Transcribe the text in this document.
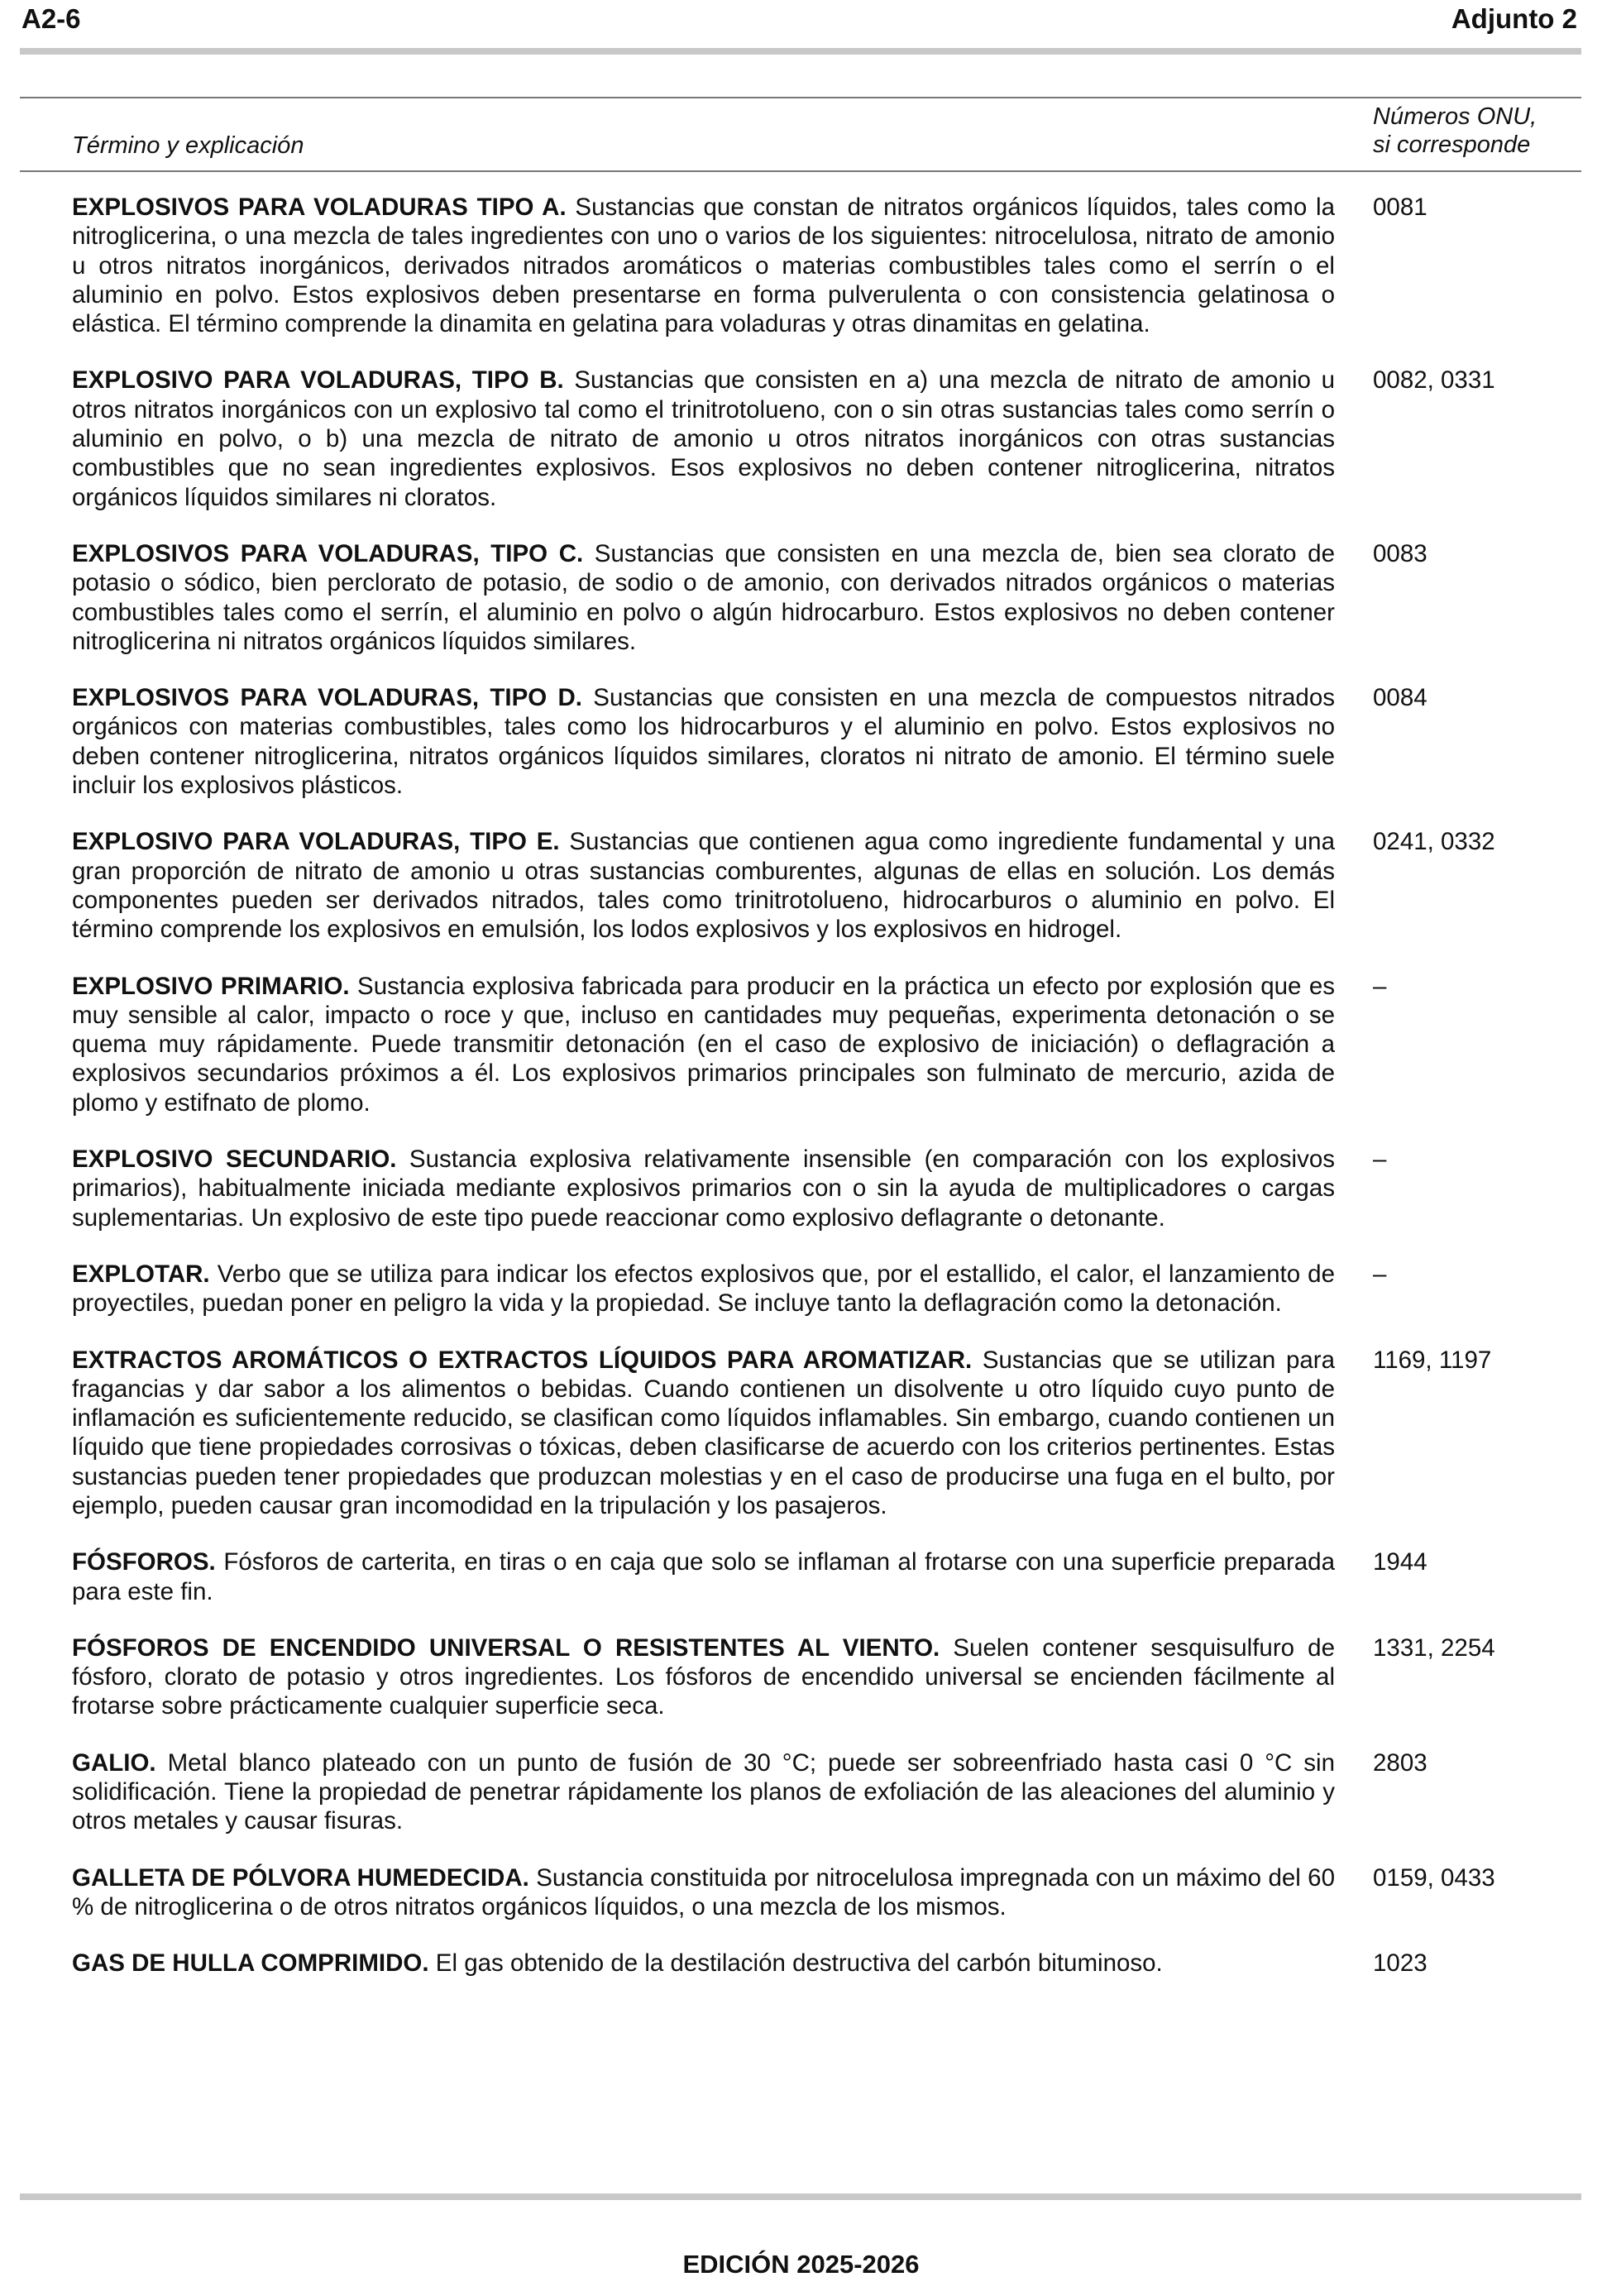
A2-6	Adjunto 2
Término y explicación
Números ONU,
si corresponde
EXPLOSIVOS PARA VOLADURAS TIPO A. Sustancias que constan de nitratos orgánicos líquidos, tales como la nitroglicerina, o una mezcla de tales ingredientes con uno o varios de los siguientes: nitrocelulosa, nitrato de amonio u otros nitratos inorgánicos, derivados nitrados aromáticos o materias combustibles tales como el serrín o el aluminio en polvo. Estos explosivos deben presentarse en forma pulverulenta o con consistencia gelatinosa o elástica. El término comprende la dinamita en gelatina para voladuras y otras dinamitas en gelatina.
0081
EXPLOSIVO PARA VOLADURAS, TIPO B. Sustancias que consisten en a) una mezcla de nitrato de amonio u otros nitratos inorgánicos con un explosivo tal como el trinitrotolueno, con o sin otras sustancias tales como serrín o aluminio en polvo, o b) una mezcla de nitrato de amonio u otros nitratos inorgánicos con otras sustancias combustibles que no sean ingredientes explosivos. Esos explosivos no deben contener nitroglicerina, nitratos orgánicos líquidos similares ni cloratos.
0082, 0331
EXPLOSIVOS PARA VOLADURAS, TIPO C. Sustancias que consisten en una mezcla de, bien sea clorato de potasio o sódico, bien perclorato de potasio, de sodio o de amonio, con derivados nitrados orgánicos o materias combustibles tales como el serrín, el aluminio en polvo o algún hidrocarburo. Estos explosivos no deben contener nitroglicerina ni nitratos orgánicos líquidos similares.
0083
EXPLOSIVOS PARA VOLADURAS, TIPO D. Sustancias que consisten en una mezcla de compuestos nitrados orgánicos con materias combustibles, tales como los hidrocarburos y el aluminio en polvo. Estos explosivos no deben contener nitroglicerina, nitratos orgánicos líquidos similares, cloratos ni nitrato de amonio. El término suele incluir los explosivos plásticos.
0084
EXPLOSIVO PARA VOLADURAS, TIPO E. Sustancias que contienen agua como ingrediente fundamental y una gran proporción de nitrato de amonio u otras sustancias comburentes, algunas de ellas en solución. Los demás componentes pueden ser derivados nitrados, tales como trinitrotolueno, hidrocarburos o aluminio en polvo. El término comprende los explosivos en emulsión, los lodos explosivos y los explosivos en hidrogel.
0241, 0332
EXPLOSIVO PRIMARIO. Sustancia explosiva fabricada para producir en la práctica un efecto por explosión que es muy sensible al calor, impacto o roce y que, incluso en cantidades muy pequeñas, experimenta detonación o se quema muy rápidamente. Puede transmitir detonación (en el caso de explosivo de iniciación) o deflagración a explosivos secundarios próximos a él. Los explosivos primarios principales son fulminato de mercurio, azida de plomo y estifnato de plomo.
–
EXPLOSIVO SECUNDARIO. Sustancia explosiva relativamente insensible (en comparación con los explosivos primarios), habitualmente iniciada mediante explosivos primarios con o sin la ayuda de multiplicadores o cargas suplementarias. Un explosivo de este tipo puede reaccionar como explosivo deflagrante o detonante.
–
EXPLOTAR. Verbo que se utiliza para indicar los efectos explosivos que, por el estallido, el calor, el lanzamiento de proyectiles, puedan poner en peligro la vida y la propiedad. Se incluye tanto la deflagración como la detonación.
–
EXTRACTOS AROMÁTICOS O EXTRACTOS LÍQUIDOS PARA AROMATIZAR. Sustancias que se utilizan para fragancias y dar sabor a los alimentos o bebidas. Cuando contienen un disolvente u otro líquido cuyo punto de inflamación es suficientemente reducido, se clasifican como líquidos inflamables. Sin embargo, cuando contienen un líquido que tiene propiedades corrosivas o tóxicas, deben clasificarse de acuerdo con los criterios pertinentes. Estas sustancias pueden tener propiedades que produzcan molestias y en el caso de producirse una fuga en el bulto, por ejemplo, pueden causar gran incomodidad en la tripulación y los pasajeros.
1169, 1197
FÓSFOROS. Fósforos de carterita, en tiras o en caja que solo se inflaman al frotarse con una superficie preparada para este fin.
1944
FÓSFOROS DE ENCENDIDO UNIVERSAL O RESISTENTES AL VIENTO. Suelen contener sesquisulfuro de fósforo, clorato de potasio y otros ingredientes. Los fósforos de encendido universal se encienden fácilmente al frotarse sobre prácticamente cualquier superficie seca.
1331, 2254
GALIO. Metal blanco plateado con un punto de fusión de 30 °C; puede ser sobreenfriado hasta casi 0 °C sin solidificación. Tiene la propiedad de penetrar rápidamente los planos de exfoliación de las aleaciones del aluminio y otros metales y causar fisuras.
2803
GALLETA DE PÓLVORA HUMEDECIDA. Sustancia constituida por nitrocelulosa impregnada con un máximo del 60 % de nitroglicerina o de otros nitratos orgánicos líquidos, o una mezcla de los mismos.
0159, 0433
GAS DE HULLA COMPRIMIDO. El gas obtenido de la destilación destructiva del carbón bituminoso.	1023
EDICIÓN 2025-2026
